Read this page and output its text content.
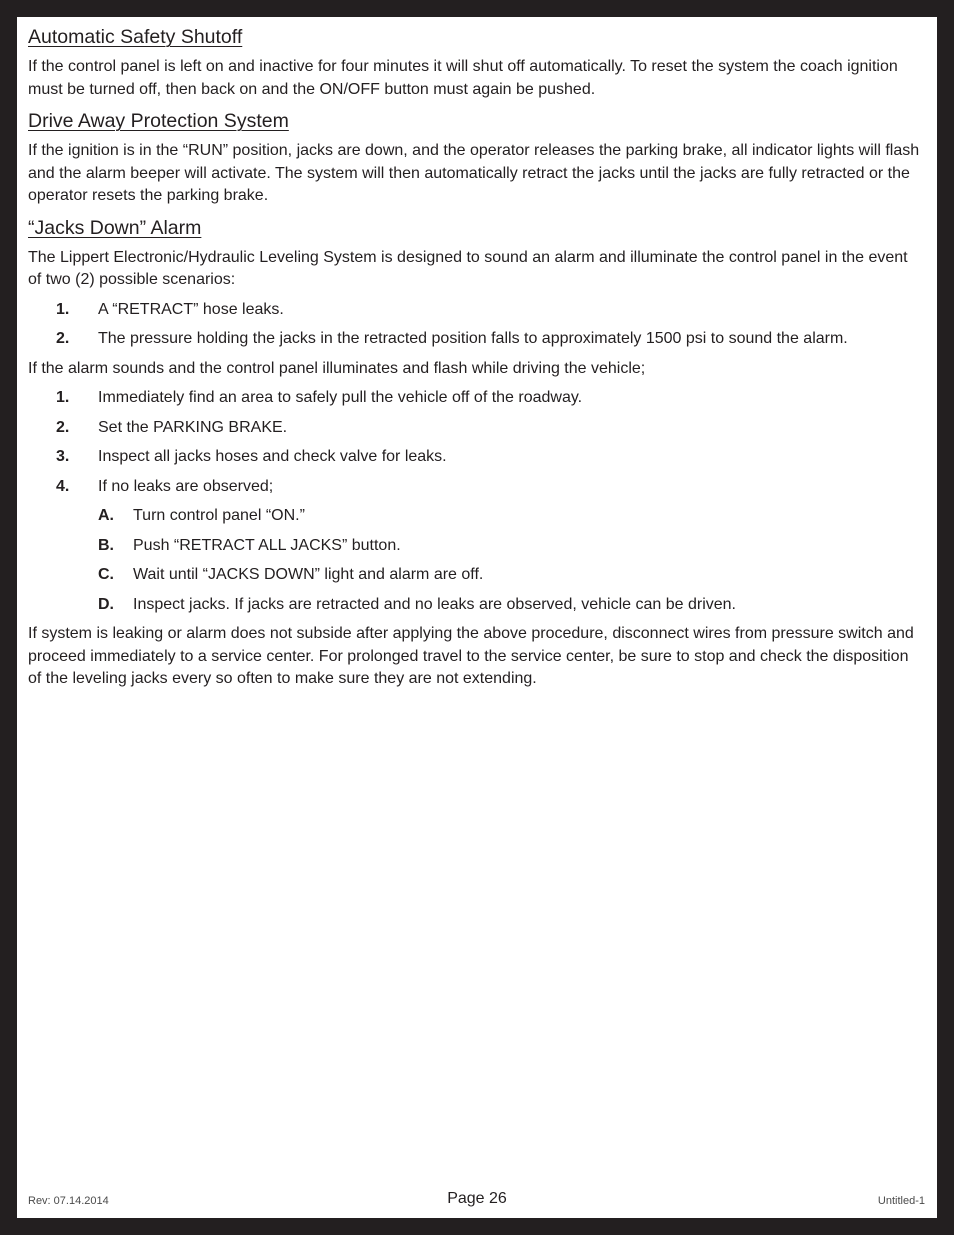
Automatic Safety Shutoff
If the control panel is left on and inactive for four minutes it will shut off automatically. To reset the system the coach ignition must be turned off, then back on and the ON/OFF button must again be pushed.
Drive Away Protection System
If the ignition is in the “RUN” position, jacks are down, and the operator releases the parking brake, all indicator lights will flash and the alarm beeper will activate. The system will then automatically retract the jacks until the jacks are fully retracted or the operator resets the parking brake.
“Jacks Down” Alarm
The Lippert Electronic/Hydraulic Leveling System is designed to sound an alarm and illuminate the control panel in the event of two (2) possible scenarios:
1. A “RETRACT” hose leaks.
2. The pressure holding the jacks in the retracted position falls to approximately 1500 psi to sound the alarm.
If the alarm sounds and the control panel illuminates and flash while driving the vehicle;
1. Immediately find an area to safely pull the vehicle off of the roadway.
2. Set the PARKING BRAKE.
3. Inspect all jacks hoses and check valve for leaks.
4. If no leaks are observed;
A. Turn control panel “ON.”
B. Push “RETRACT ALL JACKS” button.
C. Wait until “JACKS DOWN” light and alarm are off.
D. Inspect jacks. If jacks are retracted and no leaks are observed, vehicle can be driven.
If system is leaking or alarm does not subside after applying the above procedure, disconnect wires from pressure switch and proceed immediately to a service center. For prolonged travel to the service center, be sure to stop and check the disposition of the leveling jacks every so often to make sure they are not extending.
Rev: 07.14.2014	Page 26	Untitled-1
